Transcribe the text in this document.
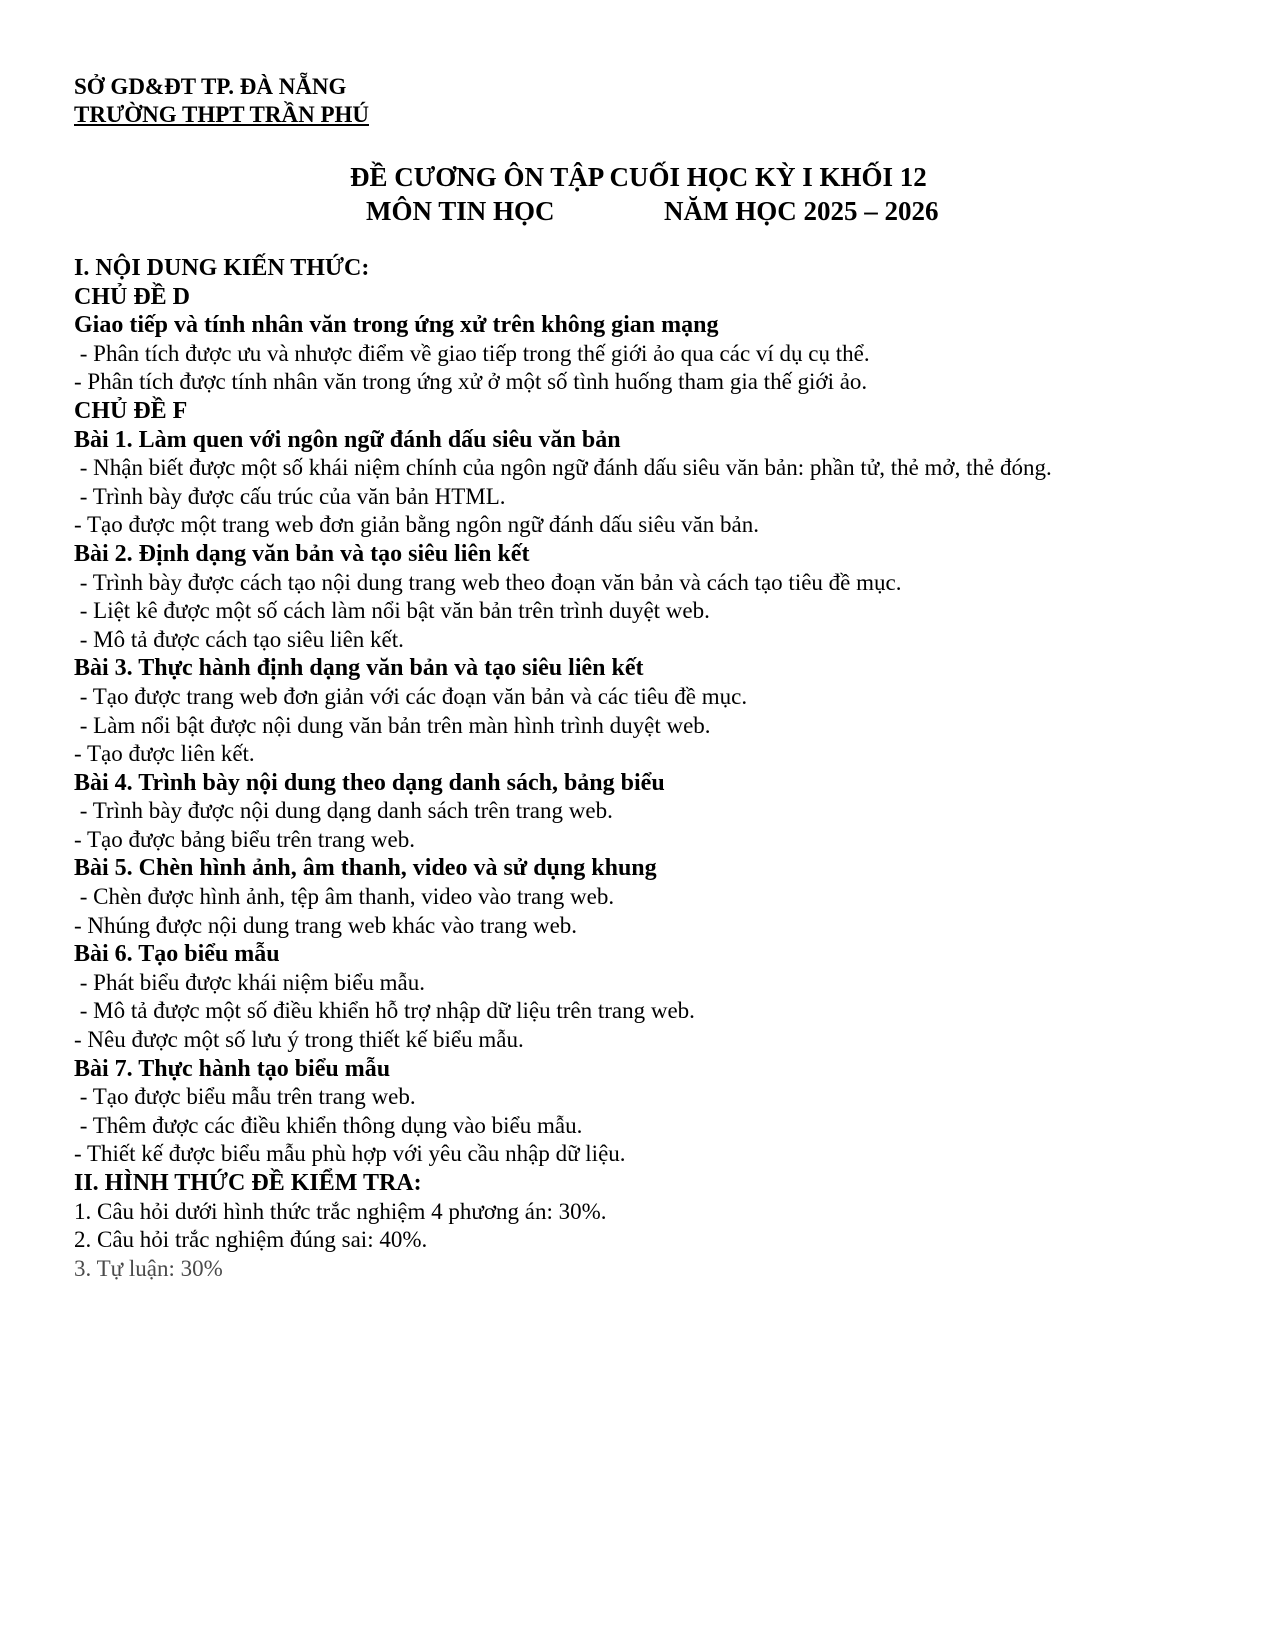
SỞ GD&ĐT TP. ĐÀ NẴNG
TRƯỜNG THPT TRẦN PHÚ
ĐỀ CƯƠNG ÔN TẬP CUỐI HỌC KỲ I KHỐI 12
MÔN TIN HỌC	NĂM HỌC 2025 – 2026
I. NỘI DUNG KIẾN THỨC:
CHỦ ĐỀ D
Giao tiếp và tính nhân văn trong ứng xử trên không gian mạng
- Phân tích được ưu và nhược điểm về giao tiếp trong thế giới ảo qua các ví dụ cụ thể.
- Phân tích được tính nhân văn trong ứng xử ở một số tình huống tham gia thế giới ảo.
CHỦ ĐỀ F
Bài 1. Làm quen với ngôn ngữ đánh dấu siêu văn bản
- Nhận biết được một số khái niệm chính của ngôn ngữ đánh dấu siêu văn bản: phần tử, thẻ mở, thẻ đóng.
- Trình bày được cấu trúc của văn bản HTML.
- Tạo được một trang web đơn giản bằng ngôn ngữ đánh dấu siêu văn bản.
Bài 2. Định dạng văn bản và tạo siêu liên kết
- Trình bày được cách tạo nội dung trang web theo đoạn văn bản và cách tạo tiêu đề mục.
- Liệt kê được một số cách làm nổi bật văn bản trên trình duyệt web.
- Mô tả được cách tạo siêu liên kết.
Bài 3. Thực hành định dạng văn bản và tạo siêu liên kết
- Tạo được trang web đơn giản với các đoạn văn bản và các tiêu đề mục.
- Làm nổi bật được nội dung văn bản trên màn hình trình duyệt web.
- Tạo được liên kết.
Bài 4. Trình bày nội dung theo dạng danh sách, bảng biểu
- Trình bày được nội dung dạng danh sách trên trang web.
- Tạo được bảng biểu trên trang web.
Bài 5. Chèn hình ảnh, âm thanh, video và sử dụng khung
- Chèn được hình ảnh, tệp âm thanh, video vào trang web.
- Nhúng được nội dung trang web khác vào trang web.
Bài 6. Tạo biểu mẫu
- Phát biểu được khái niệm biểu mẫu.
- Mô tả được một số điều khiển hỗ trợ nhập dữ liệu trên trang web.
- Nêu được một số lưu ý trong thiết kế biểu mẫu.
Bài 7. Thực hành tạo biểu mẫu
- Tạo được biểu mẫu trên trang web.
- Thêm được các điều khiển thông dụng vào biểu mẫu.
- Thiết kế được biểu mẫu phù hợp với yêu cầu nhập dữ liệu.
II. HÌNH THỨC ĐỀ KIỂM TRA:
1. Câu hỏi dưới hình thức trắc nghiệm 4 phương án: 30%.
2. Câu hỏi trắc nghiệm đúng sai: 40%.
3. Tự luận: 30%
